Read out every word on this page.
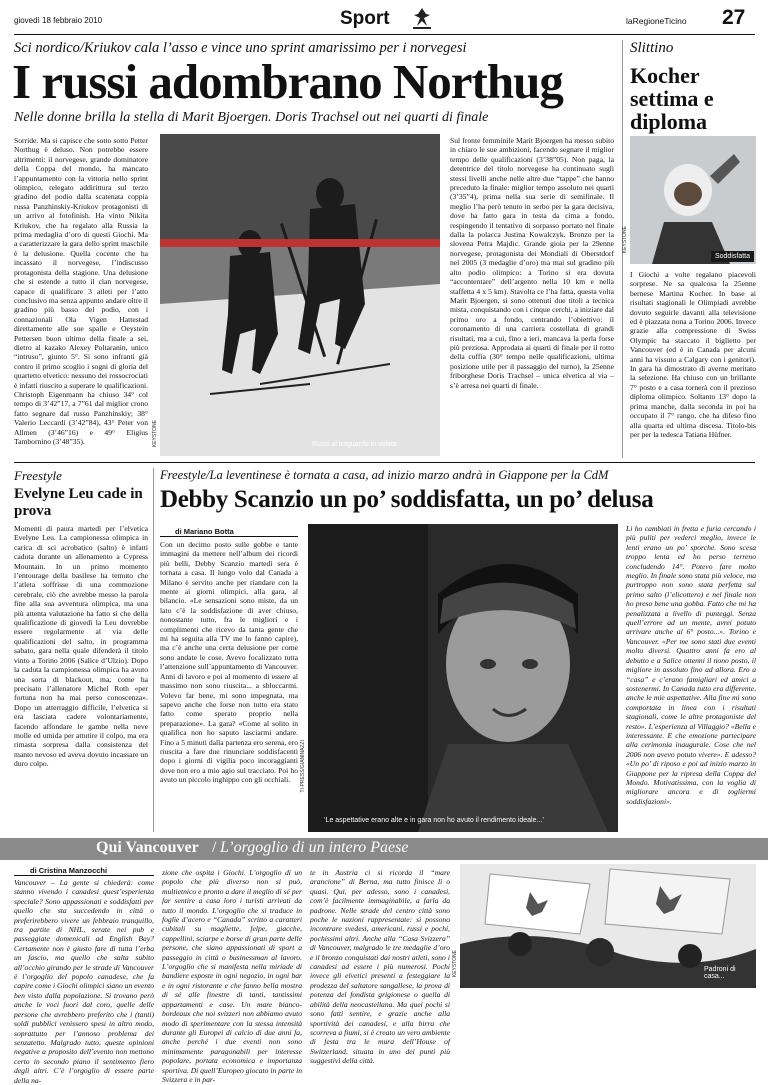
giovedì 18 febbraio 2010	Sport	laRegioneTicino 27
Sci nordico/Kriukov cala l’asso e vince uno sprint amarissimo per i norvegesi
I russi adombrano Northug
Nelle donne brilla la stella di Marit Bjoergen. Doris Trachsel out nei quarti di finale
Sorride. Ma si capisce che sotto sotto Petter Northug è deluso. Non potrebbe essere altrimenti: il norvegese, grande dominatore della Coppa del mondo, ha mancato l’appuntamento con la vittoria nello sprint olimpico, relegato addirittura sul terzo gradino del podio dalla scatenata coppia russa Panzhinskiy-Kriukov protagonisti di un arrivo al fotofinish. Ha vinto Nikita Kriukov, che ha regalato alla Russia la prima medaglia d’oro di questi Giochi. Ma a caratterizzare la gara dello sprint maschile è la delusione. Quella cocente che ha incassato il norvegese, l’indiscusso protagonista della stagione. Una delusione che si estende a tutto il clan norvegese, capace di qualificare 3 atleti per l’atto conclusivo ma senza appunto andare oltre il gradino più basso del podio, con i connazionali Ola Vigen Hattestad direttamente alle sue spalle e Oeystein Pettersen buon ultimo della finale a sei, dietro al kazako Alexey Poltaranin, unico “intruso”, giunto 5°. Si sono infranti già contro il primo scoglio i sogni di gloria del quartetto elvetico: nessuno dei rossocrociati è infatti riuscito a superare le qualificazioni. Christoph Eigenmann ha chiuso 34° col tempo di 3’42”17, a 7”61 dal miglior crono fatto segnare dal russo Panzhinskiy; 38° Valerio Leccardi (3’42”84), 43° Peter von Allmen (3’46”16) e 49° Eligius Tambornino (3’48”35).	Russi al traguardo in volata
KEYSTONE
Sul fronte femminile Marit Bjoergen ha messo subito in chiaro le sue ambizioni, facendo segnare il miglior tempo delle qualificazioni (3’38”05). Non paga, la detentrice del titolo norvegese ha continuato sugli stessi livelli anche nelle altre due “tappe” che hanno preceduto la finale: miglior tempo assoluto nei quarti (3’35”4), prima nella sua serie di semifinale. Il meglio l’ha però tenuto in serbo per la gara decisiva, dove ha fatto gara in testa da cima a fondo, respingendo il tentativo di sorpasso portato nel finale dalla la polacca Justina Kowalczyk. Bronzo per la slovena Petra Majdic. Grande gioia per la 29enne norvegese, protagonista dei Mondiali di Oberstdorf nel 2005 (3 medaglie d’oro) ma mai sul gradino più alto podio olimpico: a Torino si era dovuta “accontentare” dell’argento nella 10 km e nella staffetta 4 x 5 km). Stavolta ce l’ha fatta, questa volta Marit Bjoergen, si sono ottenuti due titoli a tecnica mista, conquistando con i cinque cerchi, a iniziare dal primo oro a fondo, centrando l’obiettivo: il coronamento di una carriera costellata di grandi risultati, ma a cui, fino a ieri, mancava la perla forse più preziosa. Approdata ai quarti di finale per il rotto della cuffia (30° tempo nelle qualificazioni, ultima posizione utile per il passaggio del turno), la 25enne friborghese Doris Trachsel – unica elvetica al via – s’è arresa nei quarti di finale.
Slittino
Kocher settima e diploma
Soddisfatta
KEYSTONE
I Giochi a volte regalano piacevoli sorprese. Ne sa qualcosa la 25enne bernese Martina Kocher. In base ai risultati stagionali le Olimpiadi avrebbe dovuto seguirle davanti alla televisione ed è piazzata nona a Torino 2006. Invece grazie alla compressione di Swiss Olympic ha staccato il biglietto per Vancouver (ed è in Canada per alcuni anni ha vissuto a Calgary con i genitori). In gara ha dimostrato di averne meritato la selezione. Ha chiuso con un brillante 7° posto e a casa tornerà con il prezioso diploma olimpico. Soltanto 13° dopo la prima manche, dalla seconda in poi ha occupato il 7° rango, che ha difeso fino alla quarta ed ultima discesa. Titolo-bis per per la tedesca Tatiana Hüfner.
Freestyle
Evelyne Leu cade in prova
Momenti di paura martedì per l’elvetica Evelyne Leu. La campionessa olimpica in carica di sci acrobatico (salto) è infatti caduta durante un allenamento a Cypress Mountain. In un primo momento l’entourage della basilese ha temuto che l’atleta soffrisse di una commozione cerebrale, ciò che avrebbe messo la parola fine alla sua avventura olimpica, ma una più attenta valutazione ha fatto sì che della qualificazione di giovedì la Leu dovrebbe essere regolarmente al via delle qualificazioni del salto, in programma sabato, gara nella quale difenderà il titolo vinto a Torino 2006 (Salice d’Ulzio). Dopo la caduta la campionessa olimpica ha avuto una sorta di blackout, ma, come ha precisato l’allenatore Michel Roth «per fortuna non ha mai perso conoscenza». Dopo un atterraggio difficile, l’elvetica si era lasciata cadere volontariamente, facendo affondare le gambe nella neve molle ed umida per attutire il colpo, ma era rimasta sorpresa dalla consistenza del manto nevoso ed aveva dovuto incassare un duro colpo.
Freestyle/La leventinese è tornata a casa, ad inizio marzo andrà in Giappone per la CdM
Debby Scanzio un po’ soddisfatta, un po’ delusa
di Mariano Botta
Con un decimo posto sulle gobbe e tante immagini da mettere nell’album dei ricordi più belli, Debby Scanzio martedì sera è tornata a casa. Il lungo volo dal Canada a Milano è servito anche per riandare con la mente ai giorni olimpici, alla gara, al bilancio. «Le sensazioni sono miste, da un lato c’è la soddisfazione di aver chiuso, nonostante tutto, fra le migliori e i complimenti che ricevo da tanta gente che mi ha seguita alla TV me lo fanno capire), ma c’è anche una certa delusione per come sono andate le cose. Avevo focalizzato tutta l’attenzione sull’appuntamento di Vancouver. Anni di lavoro e poi al momento di essere al massimo non sono riuscita... a sbloccarmi. Volevo far bene, mi sono impegnata, ma sapevo anche che forse non tutto era stato fatto come sperato proprio nella preparazione». La gara? «Come al solito in qualifica non ho saputo lasciarmi andare. Fino a 5 minuti dalla partenza ero serena, ero riuscita a fare due rinunciare soddisfacenti dopo i giorni di vigilia poco incoraggianti dove non ero a mio agio sul tracciato. Poi ho avuto un piccolo inghippo con gli occhiali.
‘Le aspettative erano alte e in gara non ho avuto il rendimento ideale...’
TI-PRESS/GIANINAZZI
Li ho cambiati in fretta e furia cercando i più puliti per vederci meglio, invece le lenti erano un po’ sporche. Sono scesa troppo lenta ed ho perso terreno concludendo 14°. Potevo fare molto meglio. In finale sono stata più veloce, ma purtroppo non sono stata perfetta sul primo salto (l’elicottero) e nel finale non ho preso bene una gobba. Fatto che mi ha penalizzata a livello di punteggi. Senza quell’errore ad un mente, avrei potuto arrivare anche al 6° posto...». Torino e Vancouver. «Per me sono stati due eventi molto diversi. Quattro anni fa ero al debutto e a Salice ottenni il nono posto, il migliore in assoluto fino ad allora. Ero a “casa” e c’erano famigliari ed amici a sostenermi. In Canada tutto era differente, anche le mie aspettative. Alla fine mi sono comportata in linea con i risultati stagionali, come le altre protagoniste del resto». L’esperienza al Villaggio? «Bella e interessante. E che emozione partecipare alla cerimonia inaugurale. Cose che nel 2006 non avevo potuto vivere». E adesso? «Un po’ di riposo e poi ad inizio marzo in Giappone per la ripresa della Coppa del Mondo. Motivatissima, con la voglia di migliorare ancora e di togliermi soddisfazioni».
Qui Vancouver / L’orgoglio di un intero Paese
di Cristina Manzocchi
Vancouver – La gente si chiederà: come stanno vivendo i canadesi quest’esperienza speciale? Sono appassionati e soddisfatti per quello che sta succedendo in città o preferirebbero vivere un febbraio tranquillo, tra partite di NHL, serate nei pub e passeggiate domenicali ad English Bay? Certamente non è giusto fare di tutta l’erba un fascio, ma quello che salta subito all’occhio girando per le strade di Vancouver è l’orgoglio del popolo canadese, che fa capire come i Giochi olimpici siano un evento ben visto dalla popolazione. Si trovano però anche le voci fuori dal coro, quelle delle persone che avrebbero preferito che i (tanti) soldi pubblici venissero spesi in altro modo, soprattutto per l’annoso problema dei senzatetto. Malgrado tutto, queste opinioni negative a proposito dell’evento non mettono certo in secondo piano il sentimento fiero degli altri. C’è l’orgoglio di essere parte della na-
zione che ospita i Giochi. L’orgoglio di un popolo che più diverso non si può, multietnico e pronto a dare il meglio di sé per far sentire a casa loro i turisti arrivati da tutto il mondo. L’orgoglio che si traduce in foglie d’acero e “Canada” scritto a caratteri cubitali su magliette, felpe, giacche, cappellini, sciarpe e borse di gran parte delle persone, che siano appassionati di sport a passeggio in città o businessman al lavoro. L’orgoglio che si manifesta nella miriade di bandiere esposte in ogni negozio, in ogni bar e in ogni ristorante e che fanno bella mostra di sé alle finestre di tanti, tantissimi appartamenti e case. Un mare bianco-bordeaux che noi svizzeri non abbiamo avuto modo di sperimentare con la stessa intensità durante gli Europei di calcio di due anni fa, anche perché i due eventi non sono minimamente paragonabili per interesse popolare, portata economica e importanza sportiva. Di quell’Europeo giocato in parte in Svizzera e in par-
te in Austria ci si ricorda il “mare arancione” di Berna, ma tutto finisce lì o quasi. Qui, per adesso, sono i canadesi, com’è facilmente immaginabile, a farla da padrone. Nelle strade del centro città sono poche le nazioni rappresentate: si possono incontrare svedesi, americani, russi e pochi, pochissimi altri. Anche alla “Casa Svizzera” di Vancouver, malgrado le tre medaglie d’oro e il bronzo conquistati dai nostri atleti, sono i canadesi ad essere i più numerosi. Pochi invece gli elvetici presenti a festeggiare la prodezza del saltatore sangallese, la prova di potenza del fondista grigionese o quella di abilità della neocastellana. Ma quei pochi si sono fatti sentire, e grazie anche alla sportività dei canadesi, e alla birra che scorreva a fiumi, si è creato un vero ambiente di festa tra le mura dell’House of Switzerland, situata in uno dei punti più suggestivi della città.
Padroni di casa...
KEYSTONE
